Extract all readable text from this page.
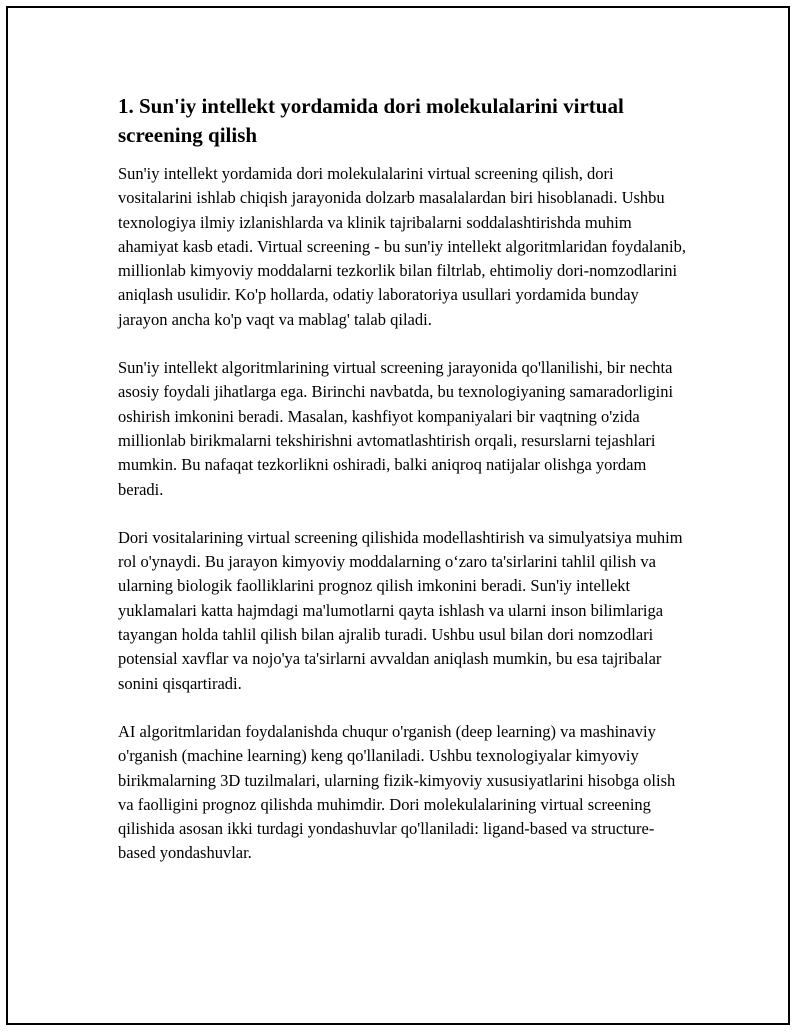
1. Sun'iy intellekt yordamida dori molekulalarini virtual screening qilish

Sun'iy intellekt yordamida dori molekulalarini virtual screening qilish, dori vositalarini ishlab chiqish jarayonida dolzarb masalalardan biri hisoblanadi. Ushbu texnologiya ilmiy izlanishlarda va klinik tajribalarni soddalashtirishda muhim ahamiyat kasb etadi. Virtual screening - bu sun'iy intellekt algoritmlaridan foydalanib, millionlab kimyoviy moddalarni tezkorlik bilan filtrlab, ehtimoliy dori-nomzodlarini aniqlash usulidir. Ko'p hollarda, odatiy laboratoriya usullari yordamida bunday jarayon ancha ko'p vaqt va mablag' talab qiladi.

Sun'iy intellekt algoritmlarining virtual screening jarayonida qo'llanilishi, bir nechta asosiy foydali jihatlarga ega. Birinchi navbatda, bu texnologiyaning samaradorligini oshirish imkonini beradi. Masalan, kashfiyot kompaniyalari bir vaqtning o'zida millionlab birikmalarni tekshirishni avtomatlashtirish orqali, resurslarni tejashlari mumkin. Bu nafaqat tezkorlikni oshiradi, balki aniqroq natijalar olishga yordam beradi.

Dori vositalarining virtual screening qilishida modellashtirish va simulyatsiya muhim rol o'ynaydi. Bu jarayon kimyoviy moddalarning o‘zaro ta'sirlarini tahlil qilish va ularning biologik faolliklarini prognoz qilish imkonini beradi. Sun'iy intellekt yuklamalari katta hajmdagi ma'lumotlarni qayta ishlash va ularni inson bilimlariga tayangan holda tahlil qilish bilan ajralib turadi. Ushbu usul bilan dori nomzodlari potensial xavflar va nojo'ya ta'sirlarni avvaldan aniqlash mumkin, bu esa tajribalar sonini qisqartiradi.

AI algoritmlaridan foydalanishda chuqur o'rganish (deep learning) va mashinaviy o'rganish (machine learning) keng qo'llaniladi. Ushbu texnologiyalar kimyoviy birikmalarning 3D tuzilmalari, ularning fizik-kimyoviy xususiyatlarini hisobga olish va faolligini prognoz qilishda muhimdir. Dori molekulalarining virtual screening qilishida asosan ikki turdagi yondashuvlar qo'llaniladi: ligand-based va structure-based yondashuvlar.
